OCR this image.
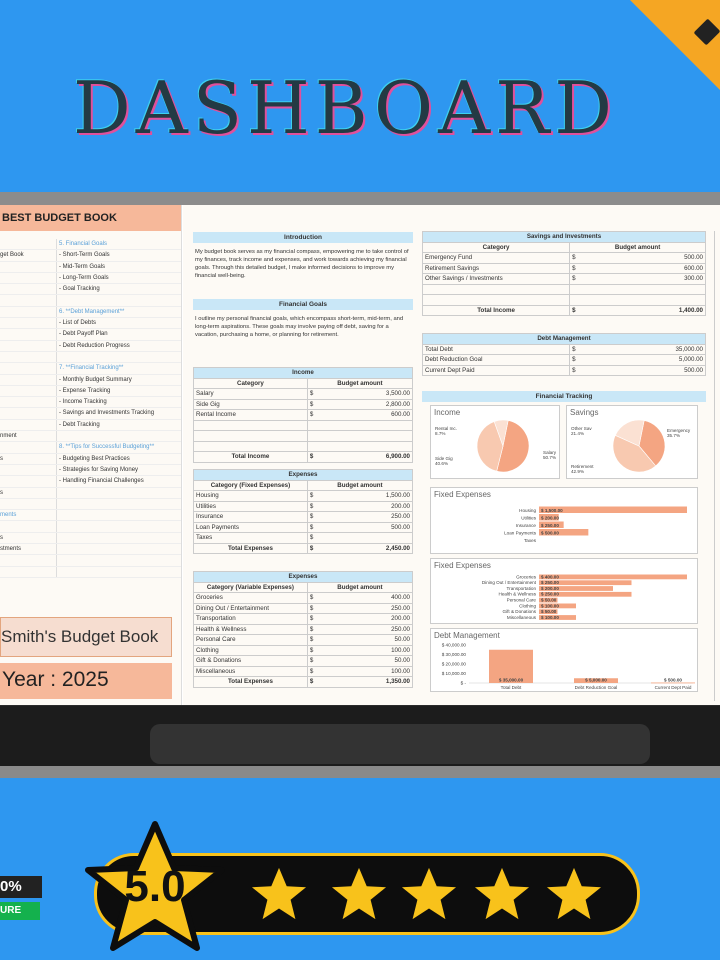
DASHBOARD
BEST BUDGET BOOK
5. Financial Goals
get Book	- Short-Term Goals
- Mid-Term Goals
- Long-Term Goals
- Goal Tracking
6. **Debt Management**
- List of Debts
- Debt Payoff Plan
- Debt Reduction Progress
7. **Financial Tracking**
- Monthly Budget Summary
- Expense Tracking
- Income Tracking
- Savings and Investments Tracking
- Debt Tracking
nment
8. **Tips for Successful Budgeting**
s	- Budgeting Best Practices
- Strategies for Saving Money
- Handling Financial Challenges
s
ments
s
stments
Smith's Budget Book
Year : 2025
Introduction
My budget book serves as my financial compass, empowering me to take control of my finances, track income and expenses, and work towards achieving my financial goals. Through this detailed budget, I make informed decisions to improve my financial well-being.
Financial Goals
I outline my personal financial goals, which encompass short-term, mid-term, and long-term aspirations. These goals may involve paying off debt, saving for a vacation, purchasing a home, or planning for retirement.
Income		
Category	Budget amount	
Salary	$	3,500.00
Side Gig	$	2,800.00
Rental Income	$	600.00

Total Income	$	6,900.00
Expenses		
Category (Fixed Expenses)	Budget amount	
Housing	$	1,500.00
Utilities	$	200.00
Insurance	$	250.00
Loan Payments	$	500.00
Taxes	$	
Total Expenses	$	2,450.00
Expenses		
Category (Variable Expenses)	Budget amount	
Groceries	$	400.00
Dining Out / Entertainment	$	250.00
Transportation	$	200.00
Health & Wellness	$	250.00
Personal Care	$	50.00
Clothing	$	100.00
Gift & Donations	$	50.00
Miscellaneous	$	100.00
Total Expenses	$	1,350.00
Savings and Investments		
Category	Budget amount	
Emergency Fund	$	500.00
Retirement Savings	$	600.00
Other Savings / Investments	$	300.00

Total Income	$	1,400.00
Debt Management		
Total Debt	$	35,000.00
Debt Reduction Goal	$	5,000.00
Current Dept Paid	$	500.00
Financial Tracking
Income
Salary
50.7%
Side Gig
40.6%
Rental Inc.
8.7%
Savings
Emergency
35.7%
Retirement
42.9%
Other Sav
21.4%
Fixed Expenses
Housing $ 1,500.00
Utilities $ 200.00
Insurance $ 250.00
Loan Payments $ 500.00
Taxes
Fixed Expenses
Groceries $ 400.00
Dining Out / Entertainment $ 250.00
Transportation $ 200.00
Health & Wellness $ 250.00
Personal Care $ 50.00
Clothing $ 100.00
Gift & Donations $ 50.00
Miscellaneous $ 100.00
Debt Management
$ 40,000.00
$ 30,000.00
$ 20,000.00
$ 10,000.00
$ -
$ 35,000.00
Total Debt
$ 5,000.00
Debt Reduction Goal
$ 500.00
Current Dept Paid
0%
URE	5.0
